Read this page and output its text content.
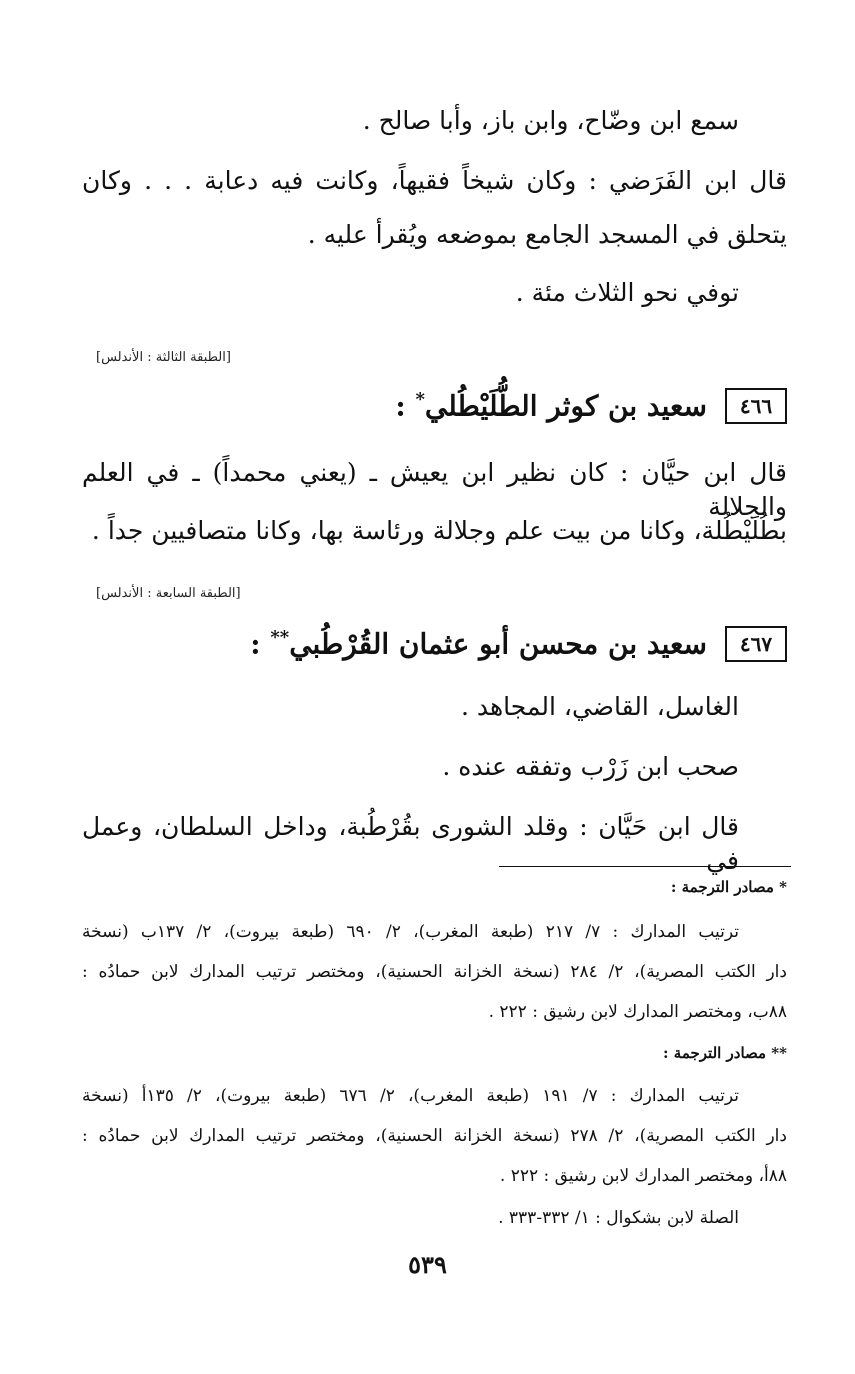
سمع ابن وضّاح، وابن باز، وأبا صالح .
قال ابن الفَرَضي : وكان شيخاً فقيهاً، وكانت فيه دعابة . . . وكان
يتحلق في المسجد الجامع بموضعه ويُقرأ عليه .
توفي نحو الثلاث مئة .
[الطبقة الثالثة : الأندلس]
٤٦٦
سعيد بن كوثر الطُّلَيْطُلي* :
قال ابن حيَّان : كان نظير ابن يعيش ـ (يعني محمداً) ـ في العلم والجلالة
بطُلَيْطُلة، وكانا من بيت علم وجلالة ورئاسة بها، وكانا متصافيين جداً .
[الطبقة السابعة : الأندلس]
٤٦٧
سعيد بن محسن أبو عثمان القُرْطُبي** :
الغاسل، القاضي، المجاهد .
صحب ابن زَرْب وتفقه عنده .
قال ابن حَيَّان : وقلد الشورى بقُرْطُبة، وداخل السلطان، وعمل في
* مصادر الترجمة :
ترتيب المدارك : ٧/ ٢١٧ (طبعة المغرب)، ٢/ ٦٩٠ (طبعة بيروت)، ٢/ ١٣٧ب (نسخة
دار الكتب المصرية)، ٢/ ٢٨٤ (نسخة الخزانة الحسنية)، ومختصر ترتيب المدارك لابن حمادُه :
٨٨ب، ومختصر المدارك لابن رشيق : ٢٢٢ .
** مصادر الترجمة :
ترتيب المدارك : ٧/ ١٩١ (طبعة المغرب)، ٢/ ٦٧٦ (طبعة بيروت)، ٢/ ١٣٥أ (نسخة
دار الكتب المصرية)، ٢/ ٢٧٨ (نسخة الخزانة الحسنية)، ومختصر ترتيب المدارك لابن حمادُه :
٨٨أ، ومختصر المدارك لابن رشيق : ٢٢٢ .
الصلة لابن بشكوال : ١/ ٣٣٢-٣٣٣ .
٥٣٩
